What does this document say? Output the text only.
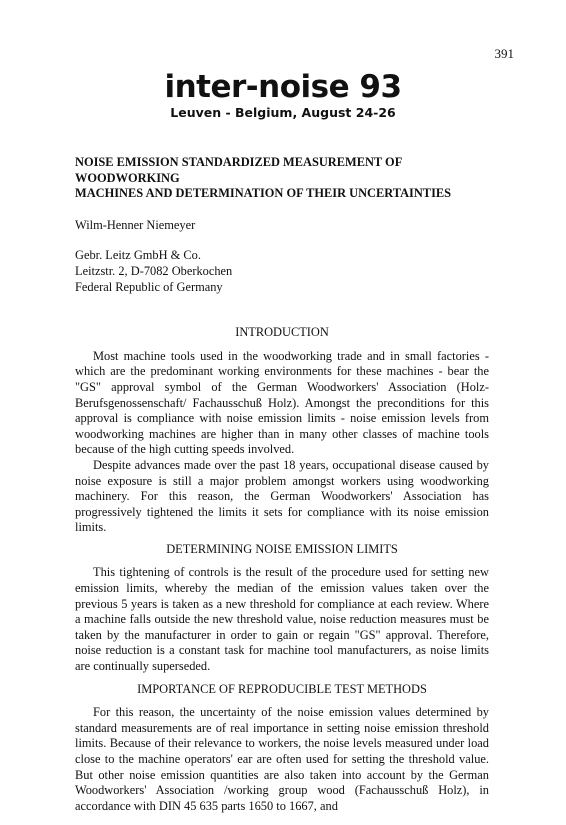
391
inter-noise 93
Leuven - Belgium, August 24-26
NOISE EMISSION STANDARDIZED MEASUREMENT OF WOODWORKING
MACHINES AND DETERMINATION OF THEIR UNCERTAINTIES

Wilm-Henner Niemeyer

Gebr. Leitz GmbH & Co.
Leitzstr. 2, D-7082 Oberkochen
Federal Republic of Germany

INTRODUCTION

Most machine tools used in the woodworking trade and in small factories - which are the predominant working environments for these machines - bear the "GS" approval symbol of the German Woodworkers' Association (Holz-Berufsgenossenschaft/ Fachausschuß Holz). Amongst the preconditions for this approval is compliance with noise emission limits - noise emission levels from woodworking machines are higher than in many other classes of machine tools because of the high cutting speeds involved.

Despite advances made over the past 18 years, occupational disease caused by noise exposure is still a major problem amongst workers using woodworking machinery. For this reason, the German Woodworkers' Association has progressively tightened the limits it sets for compliance with its noise emission limits.

DETERMINING NOISE EMISSION LIMITS

This tightening of controls is the result of the procedure used for setting new emission limits, whereby the median of the emission values taken over the previous 5 years is taken as a new threshold for compliance at each review. Where a machine falls outside the new threshold value, noise reduction measures must be taken by the manufacturer in order to gain or regain "GS" approval. Therefore, noise reduction is a constant task for machine tool manufacturers, as noise limits are continually superseded.

IMPORTANCE OF REPRODUCIBLE TEST METHODS

For this reason, the uncertainty of the noise emission values determined by standard measurements are of real importance in setting noise emission threshold limits. Because of their relevance to workers, the noise levels measured under load close to the machine operators' ear are often used for setting the threshold value. But other noise emission quantities are also taken into account by the German Woodworkers' Association /working group wood (Fachausschuß Holz), in accordance with DIN 45 635 parts 1650 to 1667, and
